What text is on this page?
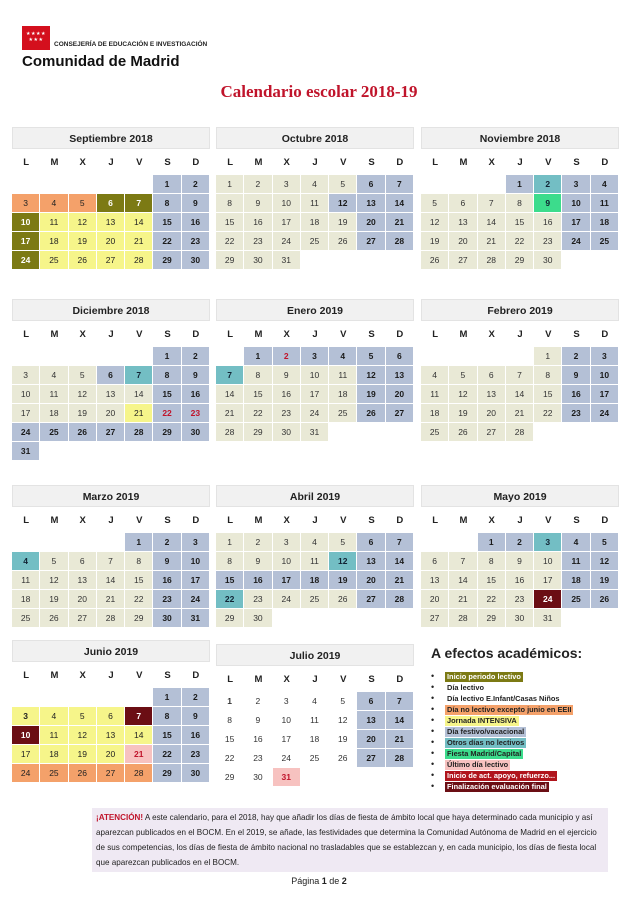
★★★★
★★★
CONSEJERÍA DE EDUCACIÓN E INVESTIGACIÓN
Comunidad de Madrid
Calendario escolar 2018-19
Septiembre 2018
L	M	X	J	V	S	D
					1	2
3	4	5	6	7	8	9
10	11	12	13	14	15	16
17	18	19	20	21	22	23
24	25	26	27	28	29	30
Octubre 2018
L	M	X	J	V	S	D
1	2	3	4	5	6	7
8	9	10	11	12	13	14
15	16	17	18	19	20	21
22	23	24	25	26	27	28
29	30	31				
Noviembre 2018
L	M	X	J	V	S	D
			1	2	3	4
5	6	7	8	9	10	11
12	13	14	15	16	17	18
19	20	21	22	23	24	25
26	27	28	29	30		
Diciembre 2018
L	M	X	J	V	S	D
					1	2
3	4	5	6	7	8	9
10	11	12	13	14	15	16
17	18	19	20	21	22	23
24	25	26	27	28	29	30
31						
Enero 2019
L	M	X	J	V	S	D
	1	2	3	4	5	6
7	8	9	10	11	12	13
14	15	16	17	18	19	20
21	22	23	24	25	26	27
28	29	30	31			
Febrero 2019
L	M	X	J	V	S	D
				1	2	3
4	5	6	7	8	9	10
11	12	13	14	15	16	17
18	19	20	21	22	23	24
25	26	27	28			
Marzo 2019
L	M	X	J	V	S	D
				1	2	3
4	5	6	7	8	9	10
11	12	13	14	15	16	17
18	19	20	21	22	23	24
25	26	27	28	29	30	31
Abril 2019
L	M	X	J	V	S	D
1	2	3	4	5	6	7
8	9	10	11	12	13	14
15	16	17	18	19	20	21
22	23	24	25	26	27	28
29	30					
Mayo 2019
L	M	X	J	V	S	D
		1	2	3	4	5
6	7	8	9	10	11	12
13	14	15	16	17	18	19
20	21	22	23	24	25	26
27	28	29	30	31		
Junio 2019
L	M	X	J	V	S	D
					1	2
3	4	5	6	7	8	9
10	11	12	13	14	15	16
17	18	19	20	21	22	23
24	25	26	27	28	29	30
Julio 2019
L	M	X	J	V	S	D
1	2	3	4	5	6	7
8	9	10	11	12	13	14
15	16	17	18	19	20	21
22	23	24	25	26	27	28
29	30	31				
A efectos académicos:
• Inicio periodo lectivo
• Día lectivo
• Día lectivo E.Infant/Casas Niños
• Día no lectivo excepto junio en EEII
• Jornada INTENSIVA
• Día festivo/vacacional
• Otros días no lectivos
• Fiesta Madrid/Capital
• Último día lectivo
• Inicio de act. apoyo, refuerzo...
• Finalización evaluación final
¡ATENCIÓN! A este calendario, para el 2018, hay que añadir los días de fiesta de ámbito local que haya determinado cada municipio y así aparezcan publicados en el BOCM. En el 2019, se añade, las festividades que determina la Comunidad Autónoma de Madrid en el ejercicio de sus competencias, los días de fiesta de ámbito nacional no trasladables que se establezcan y, en cada municipio, los días de fiesta local que aparezcan publicados en el BOCM.
Página 1 de 2
